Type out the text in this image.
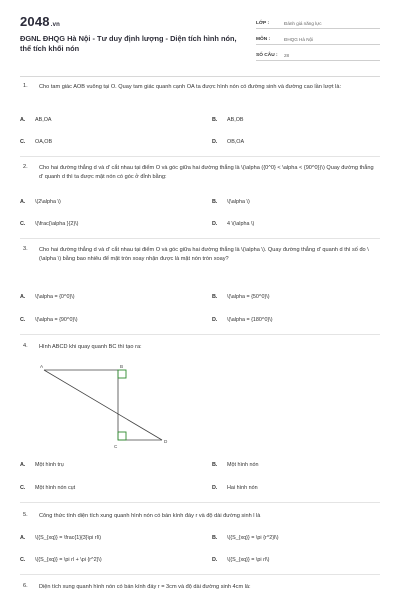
2048.vn
ĐGNL ĐHQG Hà Nội - Tư duy định lượng - Diện tích hình nón, thể tích khối nón
LỚP :	Đánh giá năng lực
MÔN :	ĐHQG Hà Nội
SỐ CÂU :	28
1. Cho tam giác AOB vuông tại O. Quay tam giác quanh cạnh OA ta được hình nón có đường sinh và đường cao lần lượt là:
A. AB,OA	B. AB,OB
C. OA,OB	D. OB,OA
2. Cho hai đường thẳng d và d' cắt nhau tại điểm O và góc giữa hai đường thẳng là \(\alpha ({0^0} < \alpha < {90^0})\) Quay đường thẳng d' quanh d thì ta được mặt nón có góc ở đỉnh bằng:
A. \(2\alpha \)	B. \(\alpha \)
C. \(\frac{\alpha }{2}\)	D. 4 \(\alpha \)
3. Cho hai đường thẳng d và d' cắt nhau tại điểm O và góc giữa hai đường thẳng là \(\alpha \). Quay đường thẳng d' quanh d thì số đo \(\alpha \) bằng bao nhiêu để mặt tròn xoay nhận được là mặt nón tròn xoay?
A. \(\alpha = {0^0}\)	B. \(\alpha = {50^0}\)
C. \(\alpha = {90^0}\)	D. \(\alpha = {180^0}\)
4. Hình ABCD khi quay quanh BC thì tạo ra:
A	B
C
D
A. Một hình trụ	B. Một hình nón
C. Một hình nón cụt	D. Hai hình nón
5. Công thức tính diện tích xung quanh hình nón có bán kính đáy r và độ dài đường sinh l là
A. \({S_{xq}} = \frac{1}{3}\pi rl\)	B. \({S_{xq}} = \pi {r^2}l\)
C. \({S_{xq}} = \pi rl + \pi {r^2}\)	D. \({S_{xq}} = \pi rl\)
6. Diện tích xung quanh hình nón có bán kính đáy r = 3cm và độ dài đường sinh 4cm là:
